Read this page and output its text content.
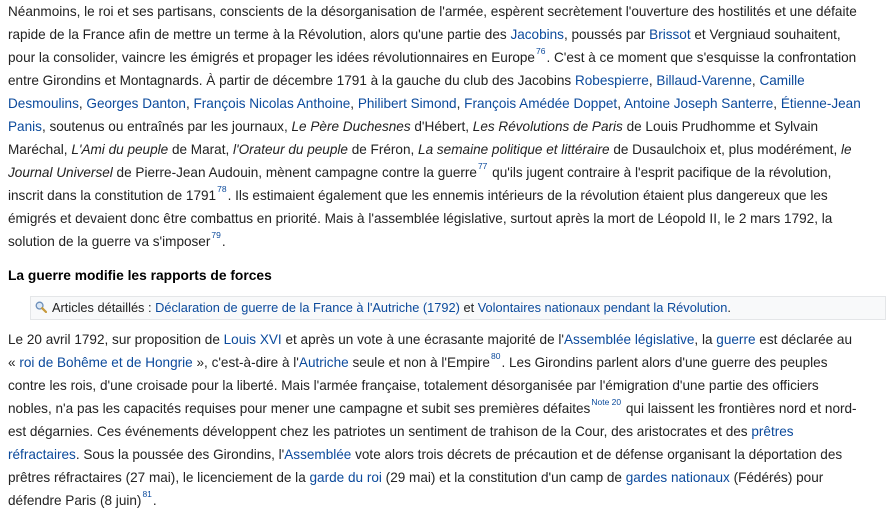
Néanmoins, le roi et ses partisans, conscients de la désorganisation de l'armée, espèrent secrètement l'ouverture des hostilités et une défaite
rapide de la France afin de mettre un terme à la Révolution, alors qu'une partie des Jacobins, poussés par Brissot et Vergniaud souhaitent,
pour la consolider, vaincre les émigrés et propager les idées révolutionnaires en Europe$^{76}$. C'est à ce moment que s'esquisse la confrontation
entre Girondins et Montagnards. À partir de décembre 1791 à la gauche du club des Jacobins Robespierre, Billaud-Varenne, Camille
Desmoulins, Georges Danton, François Nicolas Anthoine, Philibert Simond, François Amédée Doppet, Antoine Joseph Santerre, Étienne-Jean
Panis, soutenus ou entraînés par les journaux, Le Père Duchesnes d'Hébert, Les Révolutions de Paris de Louis Prudhomme et Sylvain
Maréchal, L'Ami du peuple de Marat, l'Orateur du peuple de Fréron, La semaine politique et littéraire de Dusaulchoix et, plus modérément, le
Journal Universel de Pierre-Jean Audouin, mènent campagne contre la guerre$^{77}$ qu'ils jugent contraire à l'esprit pacifique de la révolution,
inscrit dans la constitution de 1791$^{78}$. Ils estimaient également que les ennemis intérieurs de la révolution étaient plus dangereux que les
émigrés et devaient donc être combattus en priorité. Mais à l'assemblée législative, surtout après la mort de Léopold II, le 2 mars 1792, la
solution de la guerre va s'imposer$^{79}$.

La guerre modifie les rapports de forces
Articles détaillés : Déclaration de guerre de la France à l'Autriche (1792) et Volontaires nationaux pendant la Révolution.

Le 20 avril 1792, sur proposition de Louis XVI et après un vote à une écrasante majorité de l'Assemblée législative, la guerre est déclarée au
« roi de Bohême et de Hongrie », c'est-à-dire à l'Autriche seule et non à l'Empire$^{80}$. Les Girondins parlent alors d'une guerre des peuples
contre les rois, d'une croisade pour la liberté. Mais l'armée française, totalement désorganisée par l'émigration d'une partie des officiers
nobles, n'a pas les capacités requises pour mener une campagne et subit ses premières défaites$^{Note 20}$ qui laissent les frontières nord et nord-
est dégarnies. Ces événements développent chez les patriotes un sentiment de trahison de la Cour, des aristocrates et des prêtres
réfractaires. Sous la poussée des Girondins, l'Assemblée vote alors trois décrets de précaution et de défense organisant la déportation des
prêtres réfractaires (27 mai), le licenciement de la garde du roi (29 mai) et la constitution d'un camp de gardes nationaux (Fédérés) pour
défendre Paris (8 juin)$^{81}$.
